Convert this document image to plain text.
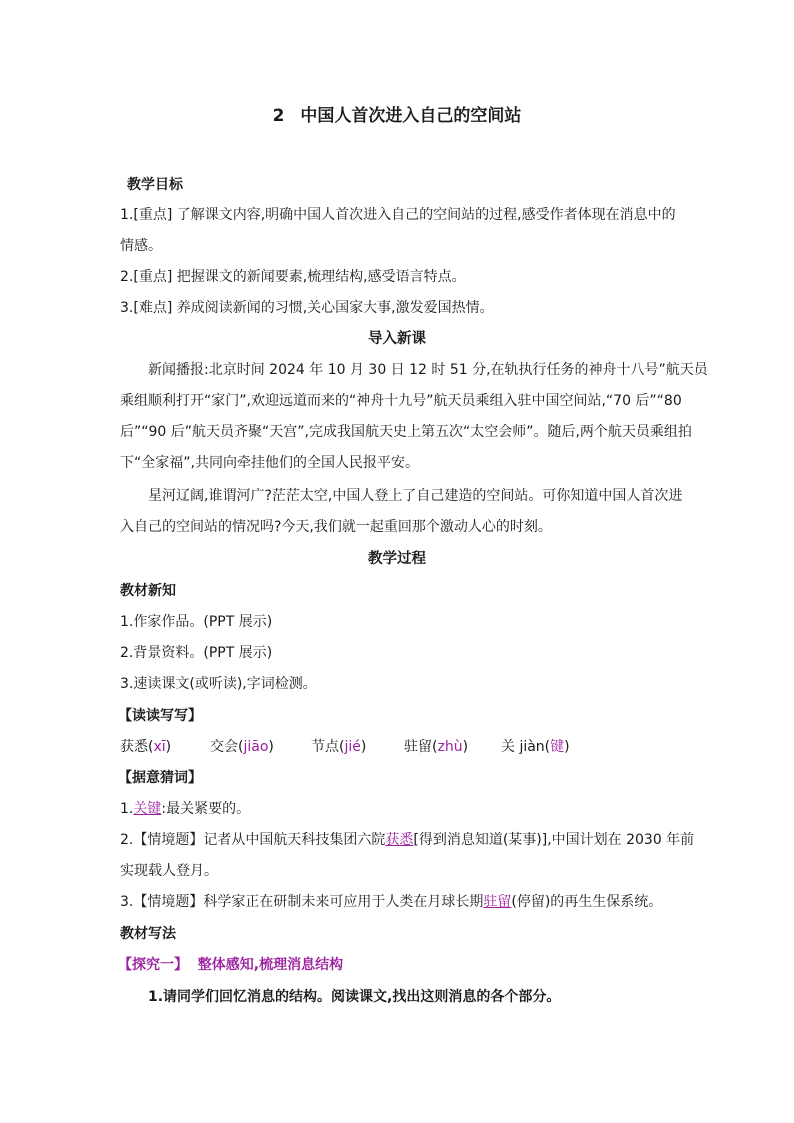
2 中国人首次进入自己的空间站
教学目标
1.[重点] 了解课文内容,明确中国人首次进入自己的空间站的过程,感受作者体现在消息中的
情感。
2.[重点] 把握课文的新闻要素,梳理结构,感受语言特点。
3.[难点] 养成阅读新闻的习惯,关心国家大事,激发爱国热情。
导入新课
新闻播报:北京时间 2024 年 10 月 30 日 12 时 51 分,在轨执行任务的神舟十八号”航天员
乘组顺利打开“家门”,欢迎远道而来的“神舟十九号”航天员乘组入驻中国空间站,“70 后”“80
后”“90 后”航天员齐聚“天宫”,完成我国航天史上第五次“太空会师”。随后,两个航天员乘组拍
下“全家福”,共同向牵挂他们的全国人民报平安。
星河辽阔,谁谓河广?茫茫太空,中国人登上了自己建造的空间站。可你知道中国人首次进
入自己的空间站的情况吗?今天,我们就一起重回那个激动人心的时刻。
教学过程
教材新知
1.作家作品。(PPT 展示)
2.背景资料。(PPT 展示)
3.速读课文(或听读),字词检测。
【读读写写】
获悉(xī)	交会(jiāo)	节点(jié)	驻留(zhù) 关 jiàn(键)
【据意猜词】
1.关键:最关紧要的。
2.【情境题】记者从中国航天科技集团六院获悉[得到消息知道(某事)],中国计划在 2030 年前
实现载人登月。
3.【情境题】科学家正在研制未来可应用于人类在月球长期驻留(停留)的再生生保系统。
教材写法
【探究一】 整体感知,梳理消息结构
1.请同学们回忆消息的结构。阅读课文,找出这则消息的各个部分。
